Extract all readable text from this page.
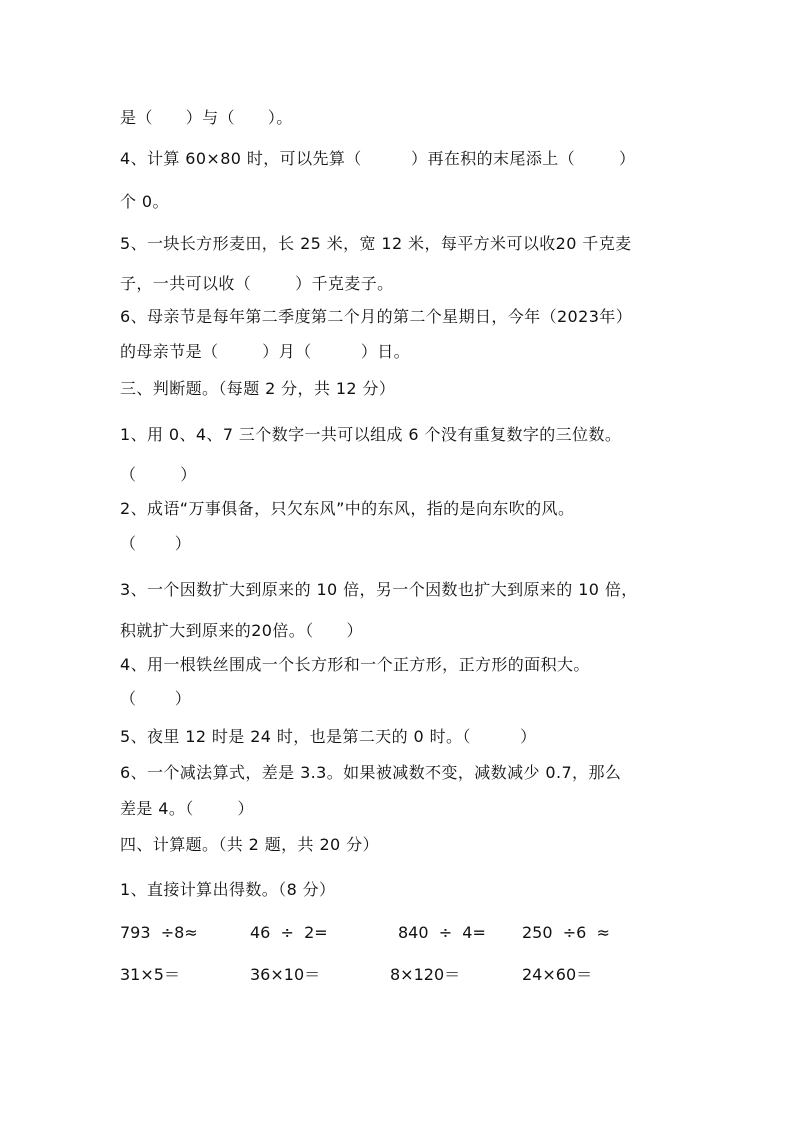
是（      ）与（      ）。
4、计算 60×80 时，可以先算（         ）再在积的末尾添上（        ）
个 0。
5、一块长方形麦田，长 25 米，宽 12 米，每平方米可以收20 千克麦
子，一共可以收（        ）千克麦子。
6、母亲节是每年第二季度第二个月的第二个星期日，今年（2023年）
的母亲节是（        ）月（         ）日。
三、判断题。（每题 2 分，共 12 分）
1、用 0、4、7 三个数字一共可以组成 6 个没有重复数字的三位数。
（        ）
2、成语“万事俱备，只欠东风”中的东风，指的是向东吹的风。
（       ）
3、一个因数扩大到原来的 10 倍，另一个因数也扩大到原来的 10 倍，
积就扩大到原来的20倍。（      ）
4、用一根铁丝围成一个长方形和一个正方形，正方形的面积大。
（       ）
5、夜里 12 时是 24 时，也是第二天的 0 时。（         ）
6、一个减法算式，差是 3.3。如果被减数不变，减数减少 0.7，那么
差是 4。（        ）
四、计算题。（共 2 题，共 20 分）
1、直接计算出得数。（8 分）
793  ÷8≈	46  ÷  2=	840  ÷  4= 250  ÷6  ≈
31×5＝	36×10＝	8×120＝	24×60＝
